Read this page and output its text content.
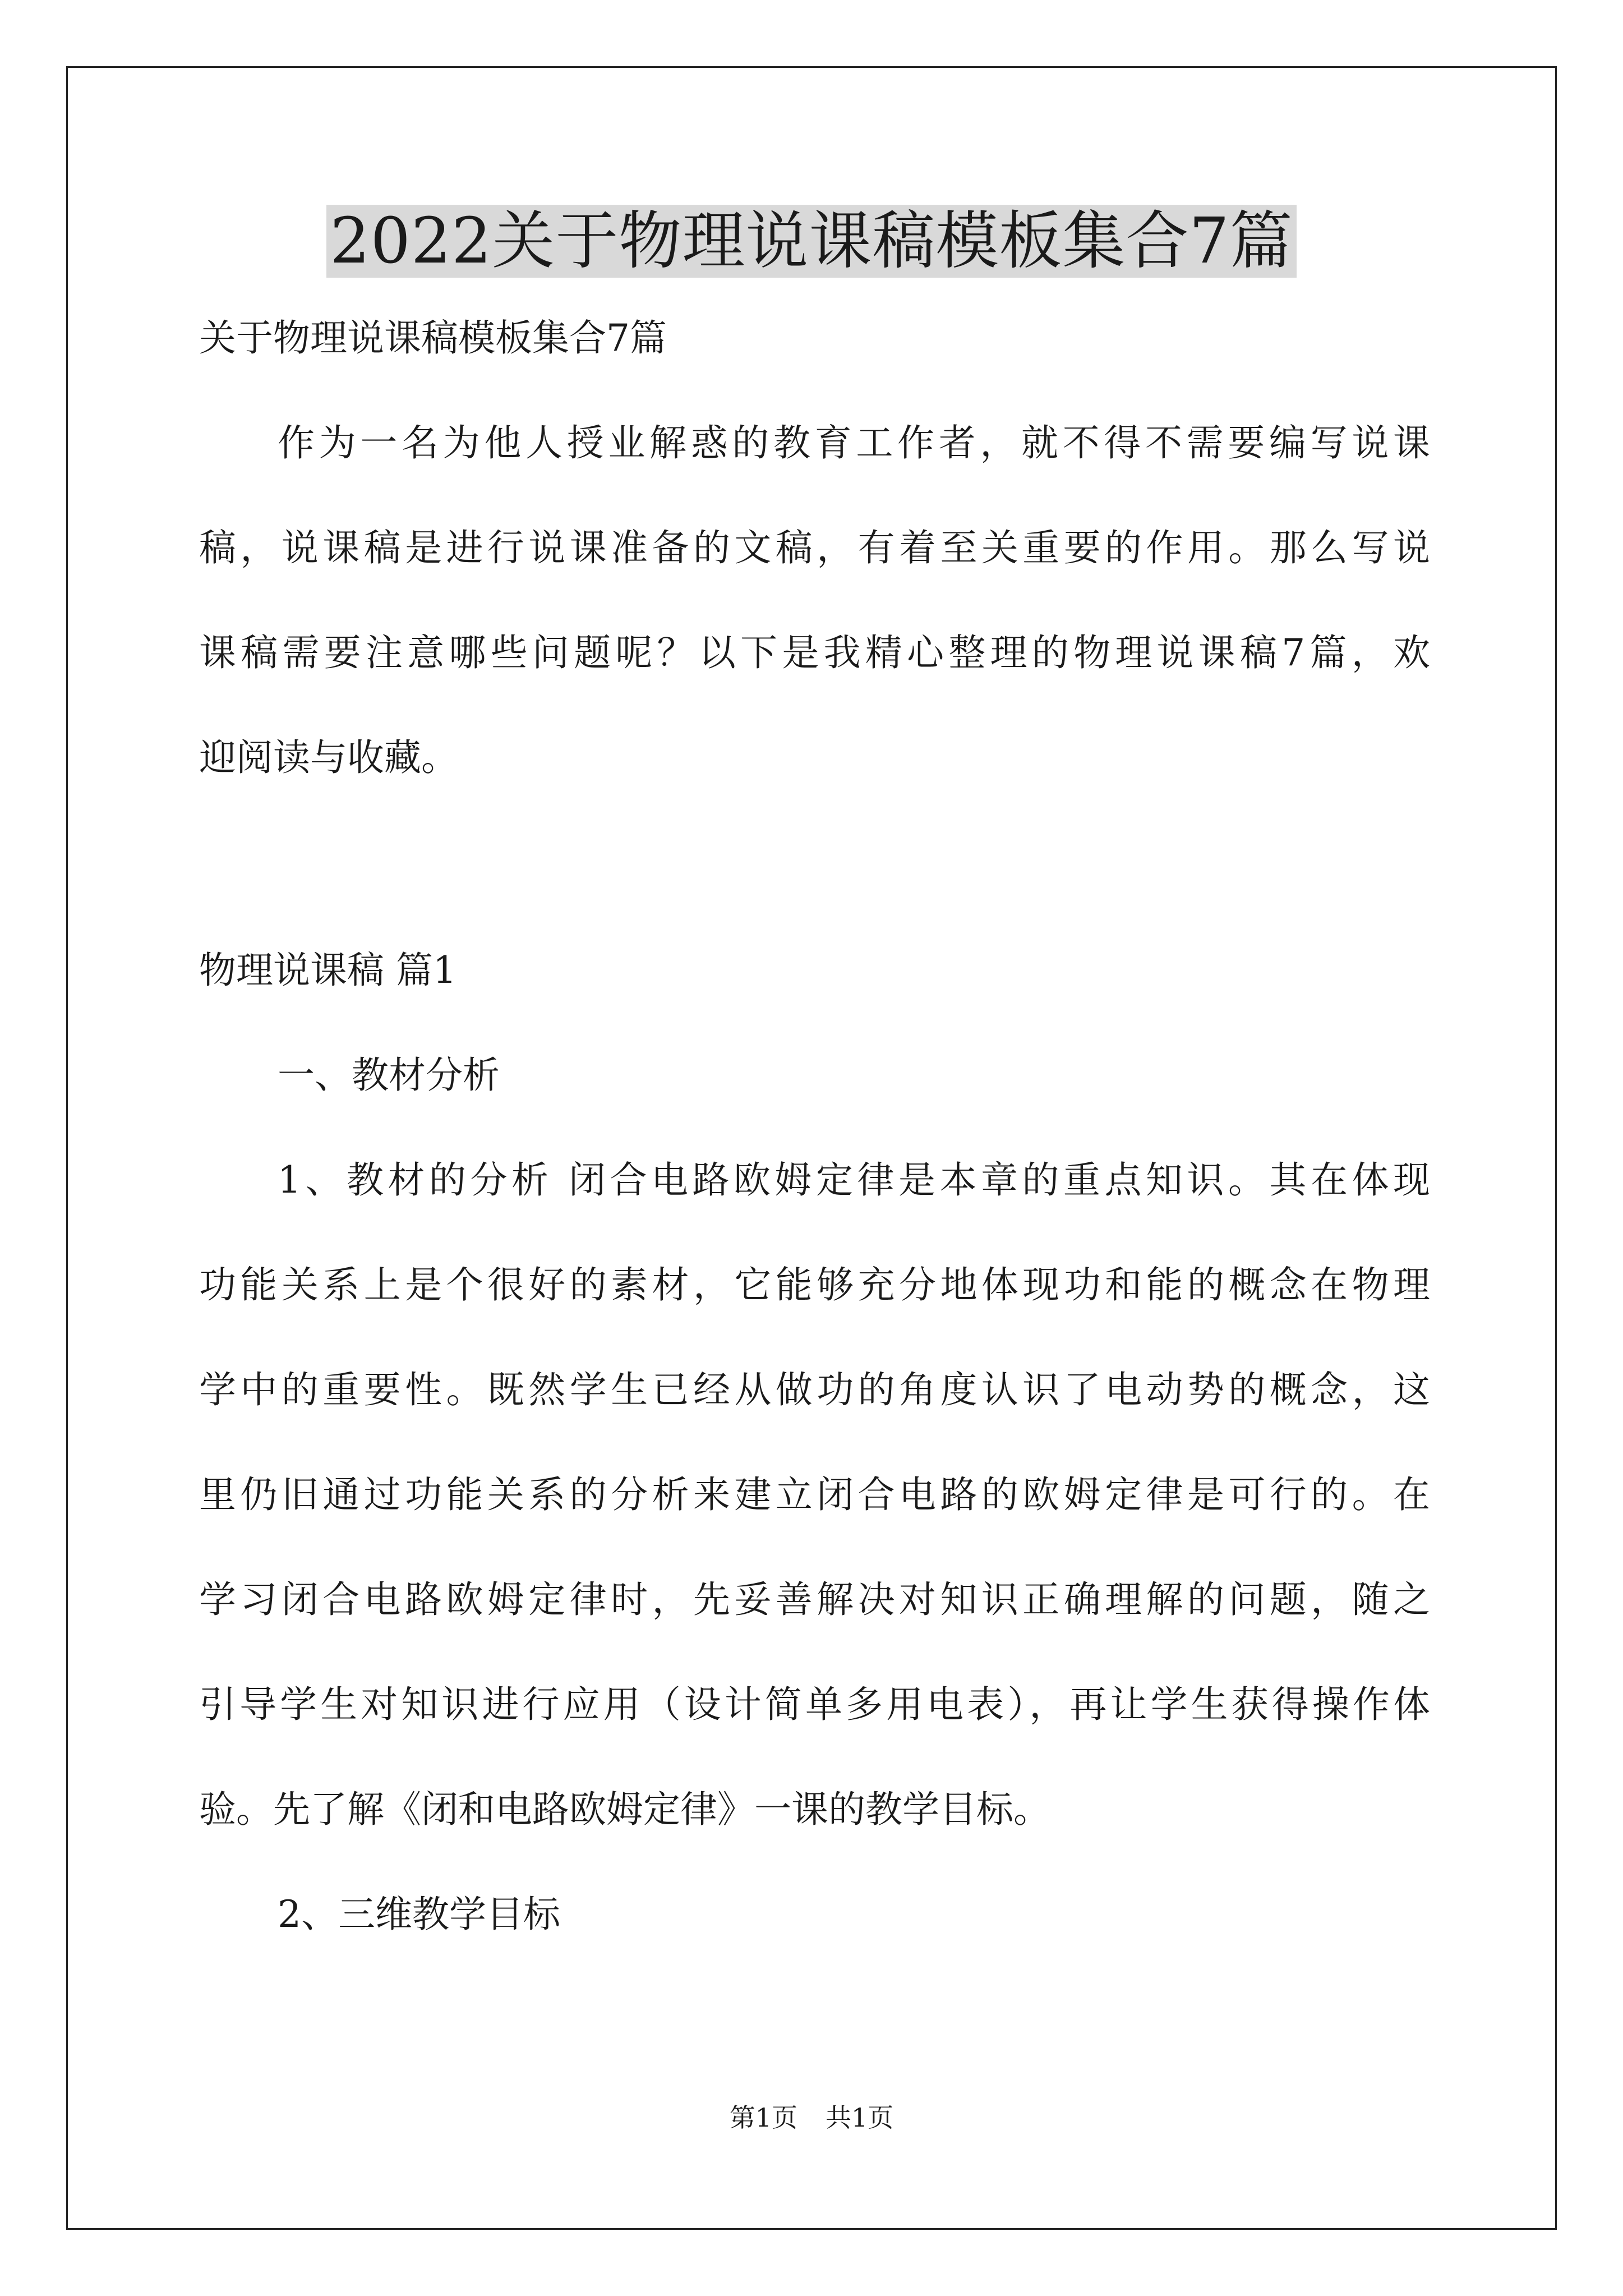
2022关于物理说课稿模板集合7篇
关于物理说课稿模板集合7篇
作为一名为他人授业解惑的教育工作者，就不得不需要编写说课
稿，说课稿是进行说课准备的文稿，有着至关重要的作用。那么写说
课稿需要注意哪些问题呢？以下是我精心整理的物理说课稿7篇，欢
迎阅读与收藏。
物理说课稿 篇1
一、教材分析
1、教材的分析 闭合电路欧姆定律是本章的重点知识。其在体现
功能关系上是个很好的素材，它能够充分地体现功和能的概念在物理
学中的重要性。既然学生已经从做功的角度认识了电动势的概念，这
里仍旧通过功能关系的分析来建立闭合电路的欧姆定律是可行的。在
学习闭合电路欧姆定律时，先妥善解决对知识正确理解的问题，随之
引导学生对知识进行应用（设计简单多用电表），再让学生获得操作体
验。先了解《闭和电路欧姆定律》一课的教学目标。
2、三维教学目标
第1页 共1页
